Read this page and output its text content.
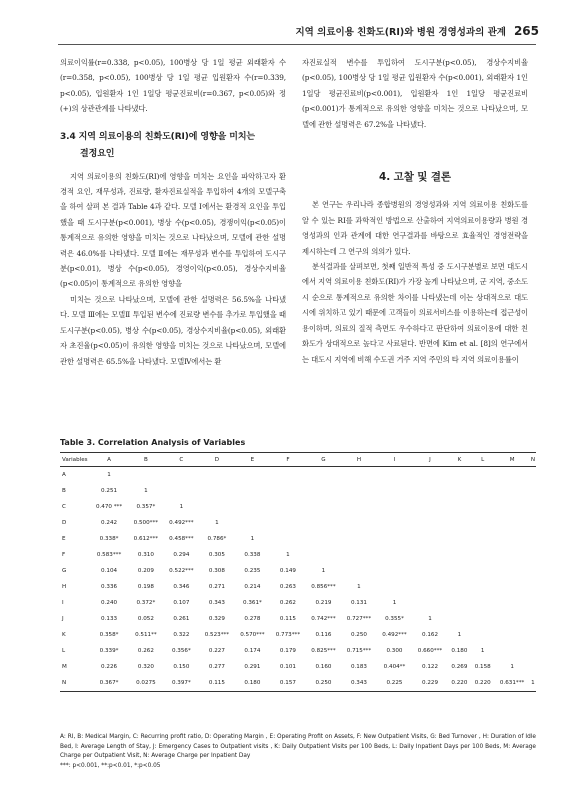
지역 의료이용 친화도(RI)와 병원 경영성과의 관계 265

의료이익률(r=0.338, p<0.05), 100병상 당 1일 평균 외래환자 수(r=0.358, p<0.05), 100병상 당 1일 평균 입원환자 수(r=0.339, p<0.05), 입원환자 1인 1일당 평균진료비(r=0.367, p<0.05)와 정(+)의 상관관계를 나타냈다.

3.4 지역 의료이용의 친화도(RI)에 영향을 미치는
결정요인

지역 의료이용의 친화도(RI)에 영향을 미치는 요인을 파악하고자 환경적 요인, 재무성과, 진료량, 환자진료실적을 투입하여 4개의 모델구축을 하여 살펴 본 결과 Table 4과 같다. 모델 Ⅰ에서는 환경적 요인을 투입했을 때 도시구분(p<0.001), 병상 수(p<0.05), 경쟁이익(p<0.05)이 통계적으로 유의한 영향을 미치는 것으로 나타났으며, 모델에 관한 설명력은 46.0%를 나타냈다. 모델 Ⅱ에는 재무성과 변수를 투입하여 도시구분(p<0.01), 병상 수(p<0.05), 경영이익(p<0.05), 경상수지비율(p<0.05)이 통계적으로 유의한 영향을

미치는 것으로 나타났으며, 모델에 관한 설명력은 56.5%을 나타냈다. 모델 Ⅲ에는 모델Ⅱ 투입된 변수에 진료량 변수를 추가로 투입했을 때 도시구분(p<0.05), 병상 수(p<0.05), 경상수지비율(p<0.05), 외래환자 초진율(p<0.05)이 유의한 영향을 미치는 것으로 나타났으며, 모델에 관한 설명력은 65.5%을 나타냈다. 모델Ⅳ에서는 환

자진료실적 변수를 투입하여 도시구분(p<0.05), 경상수지비율(p<0.05), 100병상 당 1일 평균 입원환자 수(p<0.001), 외래환자 1인 1일당 평균진료비(p<0.001), 입원환자 1인 1일당 평균진료비(p<0.001)가 통계적으로 유의한 영향을 미치는 것으로 나타났으며, 모델에 관한 설명력은 67.2%을 나타냈다.

4. 고찰 및 결론

본 연구는 우리나라 종합병원의 경영성과와 지역 의료이용 친화도를 알 수 있는 RI를 과학적인 방법으로 산출하여 지역의료이용량과 병원 경영성과의 인과 관계에 대한 연구결과를 바탕으로 효율적인 경영전략을 제시하는데 그 연구의 의의가 있다.

분석결과를 살펴보면, 첫째 일반적 특성 중 도시구분별로 보면 대도시에서 지역 의료이용 친화도(RI)가 가장 높게 나타났으며, 군 지역, 중소도시 순으로 통계적으로 유의한 차이를 나타냈는데 이는 상대적으로 대도시에 위치하고 있기 때문에 고객들이 의료서비스를 이용하는데 접근성이 용이하며, 의료의 질적 측면도 우수하다고 판단하여 의료이용에 대한 친화도가 상대적으로 높다고 사료된다. 반면에 Kim et al. [8]의 연구에서는 대도시 지역에 비해 수도권 거주 지역 주민의 타 지역 의료이용률이

Table 3. Correlation Analysis of Variables
Variables	A	B	C	D	E	F	G	H	I	J	K	L	M	N
A	1													
B	0.251	1												
C	0.470 ***	0.357*	1											
D	0.242	0.500***	0.492***	1										
E	0.338*	0.612***	0.458***	0.786*	1									
F	0.583***	0.310	0.294	0.305	0.338	1								
G	0.104	0.209	0.522***	0.308	0.235	0.149	1							
H	0.336	0.198	0.346	0.271	0.214	0.263	0.856***	1						
I	0.240	0.372*	0.107	0.343	0.361*	0.262	0.219	0.131	1					
J	0.133	0.052	0.261	0.329	0.278	0.115	0.742***	0.727***	0.355*	1				
K	0.358*	0.511**	0.322	0.523***	0.570***	0.773***	0.116	0.250	0.492***	0.162	1			
L	0.339*	0.262	0.356*	0.227	0.174	0.179	0.825***	0.715***	0.300	0.660***	0.180	1		
M	0.226	0.320	0.150	0.277	0.291	0.101	0.160	0.183	0.404**	0.122	0.269	0.158	1	
N	0.367*	0.0275	0.397*	0.115	0.180	0.157	0.250	0.343	0.225	0.229	0.220	0.220	0.631***	1

A: RI, B: Medical Margin, C: Recurring profit ratio, D: Operating Margin , E: Operating Profit on Assets, F: New Outpatient Visits, G: Bed Turnover , H: Duration of Idle Bed, I: Average Length of Stay, J: Emergency Cases to Outpatient visits , K: Daily Outpatient Visits per 100 Beds, L: Daily Inpatient Days per 100 Beds, M: Average Charge per Outpatient Visit, N: Average Charge per Inpatient Day

***: p<0.001, **:p<0.01, *:p<0.05
